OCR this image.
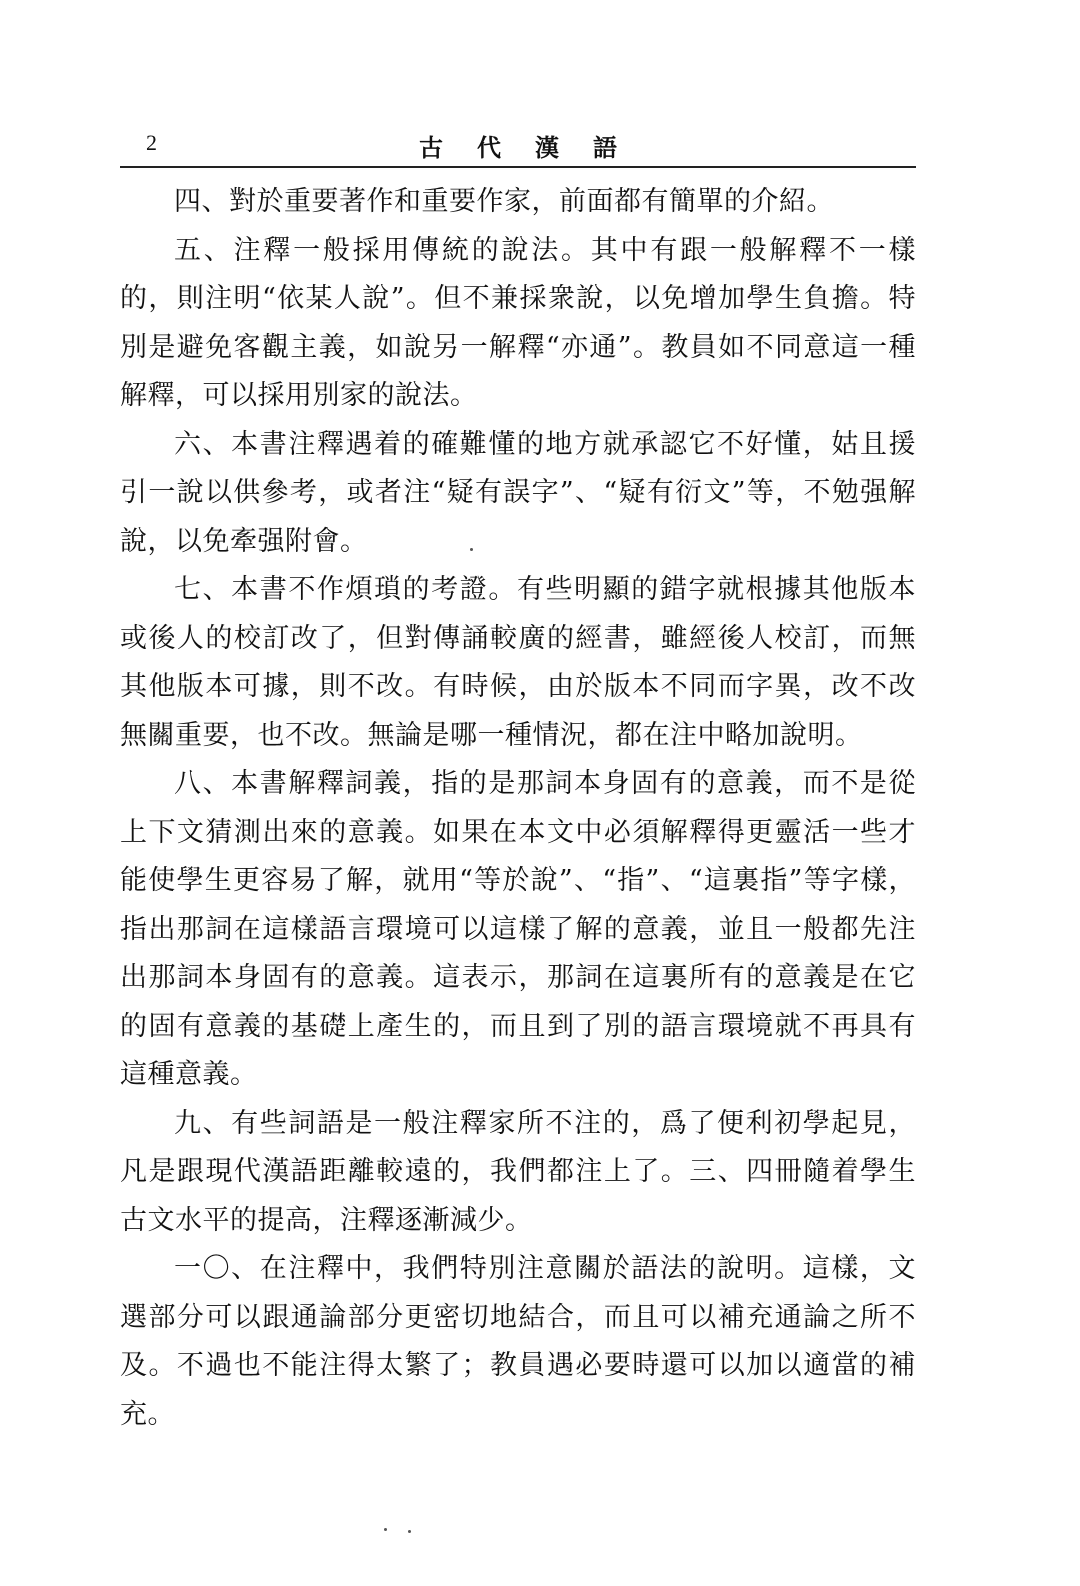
2	古代漢語

四、對於重要著作和重要作家，前面都有簡單的介紹。

五、注釋一般採用傳統的說法。其中有跟一般解釋不一樣的，則注明“依某人說”。但不兼採衆說，以免增加學生負擔。特別是避免客觀主義，如說另一解釋“亦通”。教員如不同意這一種解釋，可以採用別家的說法。

六、本書注釋遇着的確難懂的地方就承認它不好懂，姑且援引一說以供參考，或者注“疑有誤字”、“疑有衍文”等，不勉强解說，以免牽强附會。

七、本書不作煩瑣的考證。有些明顯的錯字就根據其他版本或後人的校訂改了，但對傳誦較廣的經書，雖經後人校訂，而無其他版本可據，則不改。有時候，由於版本不同而字異，改不改無關重要，也不改。無論是哪一種情況，都在注中略加說明。

八、本書解釋詞義，指的是那詞本身固有的意義，而不是從上下文猜測出來的意義。如果在本文中必須解釋得更靈活一些才能使學生更容易了解，就用“等於說”、“指”、“這裏指”等字樣，指出那詞在這樣語言環境可以這樣了解的意義，並且一般都先注出那詞本身固有的意義。這表示，那詞在這裏所有的意義是在它的固有意義的基礎上產生的，而且到了別的語言環境就不再具有這種意義。

九、有些詞語是一般注釋家所不注的，爲了便利初學起見，凡是跟現代漢語距離較遠的，我們都注上了。三、四冊隨着學生古文水平的提高，注釋逐漸減少。

一〇、在注釋中，我們特別注意關於語法的說明。這樣，文選部分可以跟通論部分更密切地結合，而且可以補充通論之所不及。不過也不能注得太繁了；教員遇必要時還可以加以適當的補充。
